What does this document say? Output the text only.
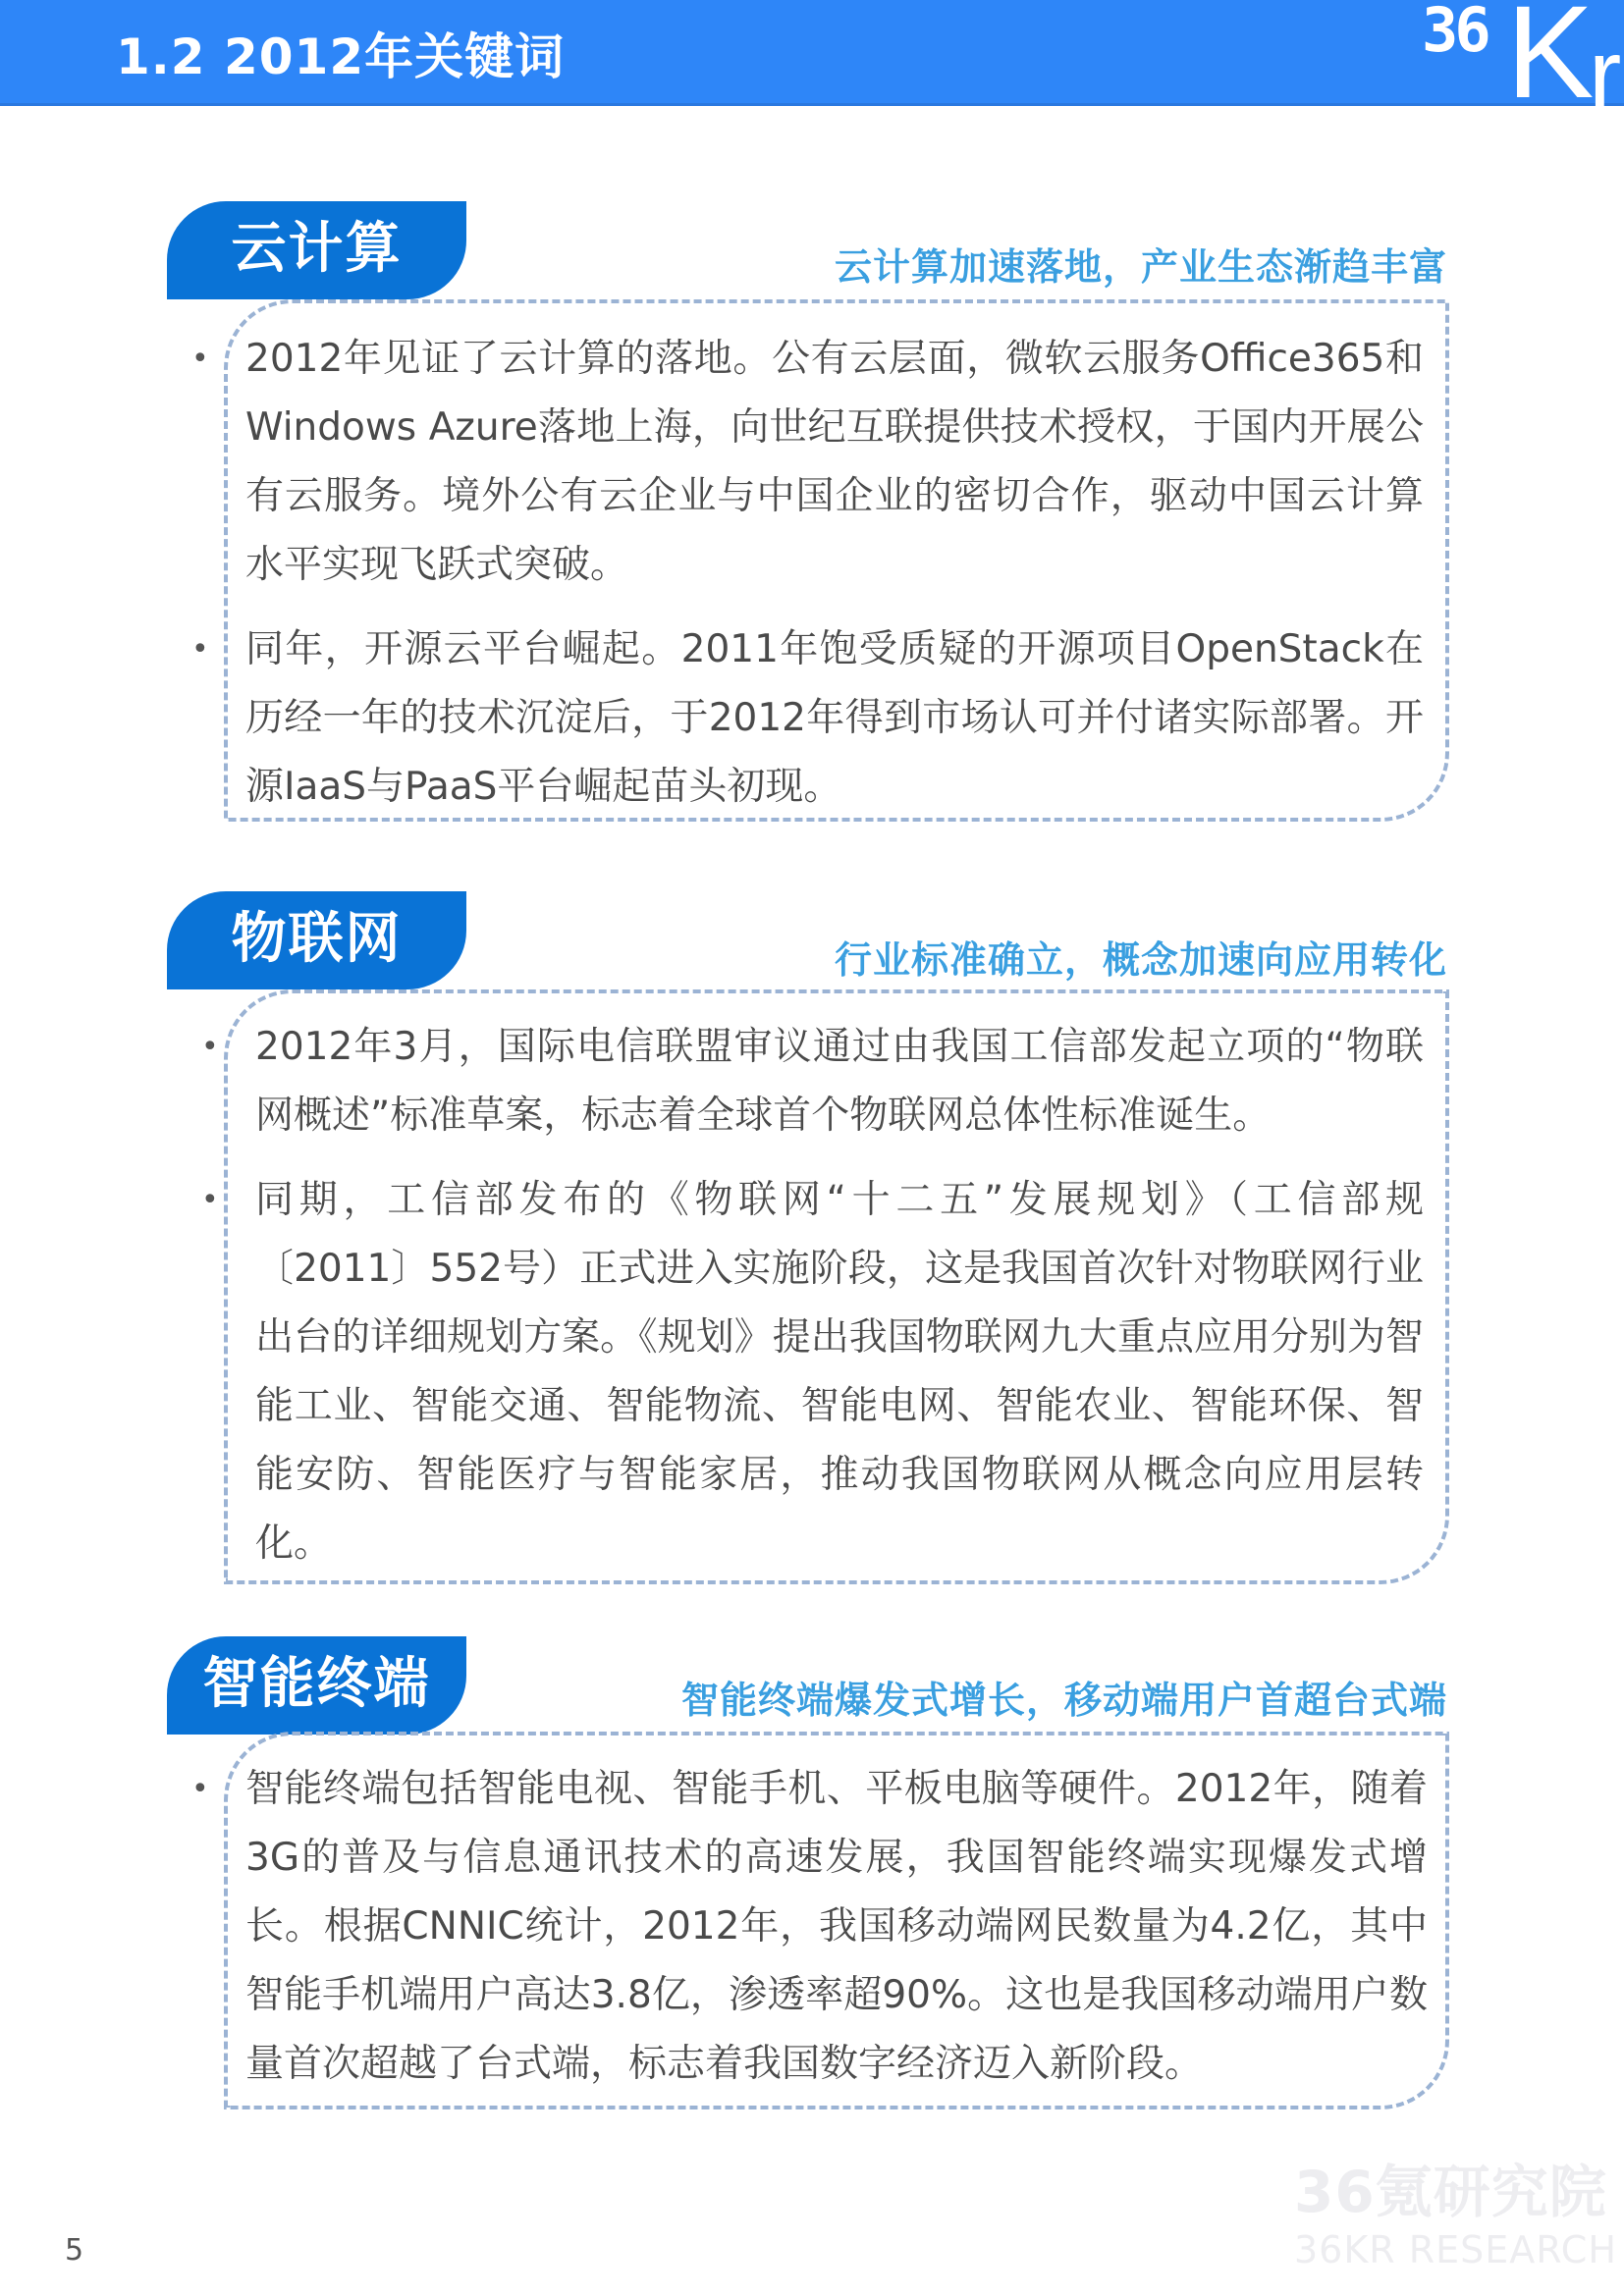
1.2 2012年关键词	36 K
r
云计算	云计算加速落地，产业生态渐趋丰富
• 2012年见证了云计算的落地。公有云层面，微软云服务Office365和Windows Azure落地上海，向世纪互联提供技术授权，于国内开展公有云服务。境外公有云企业与中国企业的密切合作，驱动中国云计算水平实现飞跃式突破。
• 同年，开源云平台崛起。2011年饱受质疑的开源项目OpenStack在历经一年的技术沉淀后，于2012年得到市场认可并付诸实际部署。开源IaaS与PaaS平台崛起苗头初现。
物联网	行业标准确立，概念加速向应用转化
• 2012年3月，国际电信联盟审议通过由我国工信部发起立项的“物联网概述”标准草案，标志着全球首个物联网总体性标准诞生。
• 同期，工信部发布的《物联网“十二五”发展规划》（工信部规〔2011〕552号）正式进入实施阶段，这是我国首次针对物联网行业出台的详细规划方案。《规划》提出我国物联网九大重点应用分别为智能工业、智能交通、智能物流、智能电网、智能农业、智能环保、智能安防、智能医疗与智能家居，推动我国物联网从概念向应用层转化。
智能终端	智能终端爆发式增长，移动端用户首超台式端
• 智能终端包括智能电视、智能手机、平板电脑等硬件。2012年，随着3G的普及与信息通讯技术的高速发展，我国智能终端实现爆发式增长。根据CNNIC统计，2012年，我国移动端网民数量为4.2亿，其中智能手机端用户高达3.8亿，渗透率超90%。这也是我国移动端用户数量首次超越了台式端，标志着我国数字经济迈入新阶段。
5
36氪研究院
36KR RESEARCH
